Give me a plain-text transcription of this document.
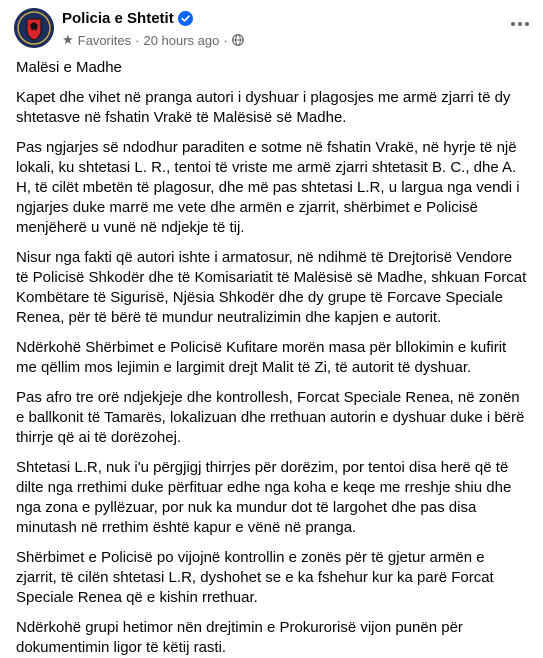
Policia e Shtetit
★ Favorites · 20 hours ago ·

Malësi e Madhe

Kapet dhe vihet në pranga autori i dyshuar i plagosjes me armë zjarri të dy shtetasve në fshatin Vrakë të Malësisë së Madhe.

Pas ngjarjes së ndodhur paraditen e sotme në fshatin Vrakë, në hyrje të një lokali, ku shtetasi L. R., tentoi të vriste me armë zjarri shtetasit B. C., dhe A. H, të cilët mbetën të plagosur, dhe më pas shtetasi L.R, u largua nga vendi i ngjarjes duke marrë me vete dhe armën e zjarrit, shërbimet e Policisë menjëherë u vunë në ndjekje të tij.

Nisur nga fakti që autori ishte i armatosur, në ndihmë të Drejtorisë Vendore të Policisë Shkodër dhe të Komisariatit të Malësisë së Madhe, shkuan Forcat Kombëtare të Sigurisë, Njësia Shkodër dhe dy grupe të Forcave Speciale Renea, për të bërë të mundur neutralizimin dhe kapjen e autorit.

Ndërkohë Shërbimet e Policisë Kufitare morën masa për bllokimin e kufirit me qëllim mos lejimin e largimit drejt Malit të Zi, të autorit të dyshuar.

Pas afro tre orë ndjekjeje dhe kontrollesh, Forcat Speciale Renea, në zonën e ballkonit të Tamarës, lokalizuan dhe rrethuan autorin e dyshuar duke i bërë thirrje që ai të dorëzohej.

Shtetasi L.R, nuk i'u përgjigj thirrjes për dorëzim, por tentoi disa herë që të dilte nga rrethimi duke përfituar edhe nga koha e keqe me rreshje shiu dhe nga zona e pyllëzuar, por nuk ka mundur dot të largohet dhe pas disa minutash në rrethim është kapur e vënë në pranga.

Shërbimet e Policisë po vijojnë kontrollin e zonës për të gjetur armën e zjarrit, të cilën shtetasi L.R, dyshohet se e ka fshehur kur ka parë Forcat Speciale Renea që e kishin rrethuar.

Ndërkohë grupi hetimor nën drejtimin e Prokurorisë vijon punën për dokumentimin ligor të këtij rasti.
